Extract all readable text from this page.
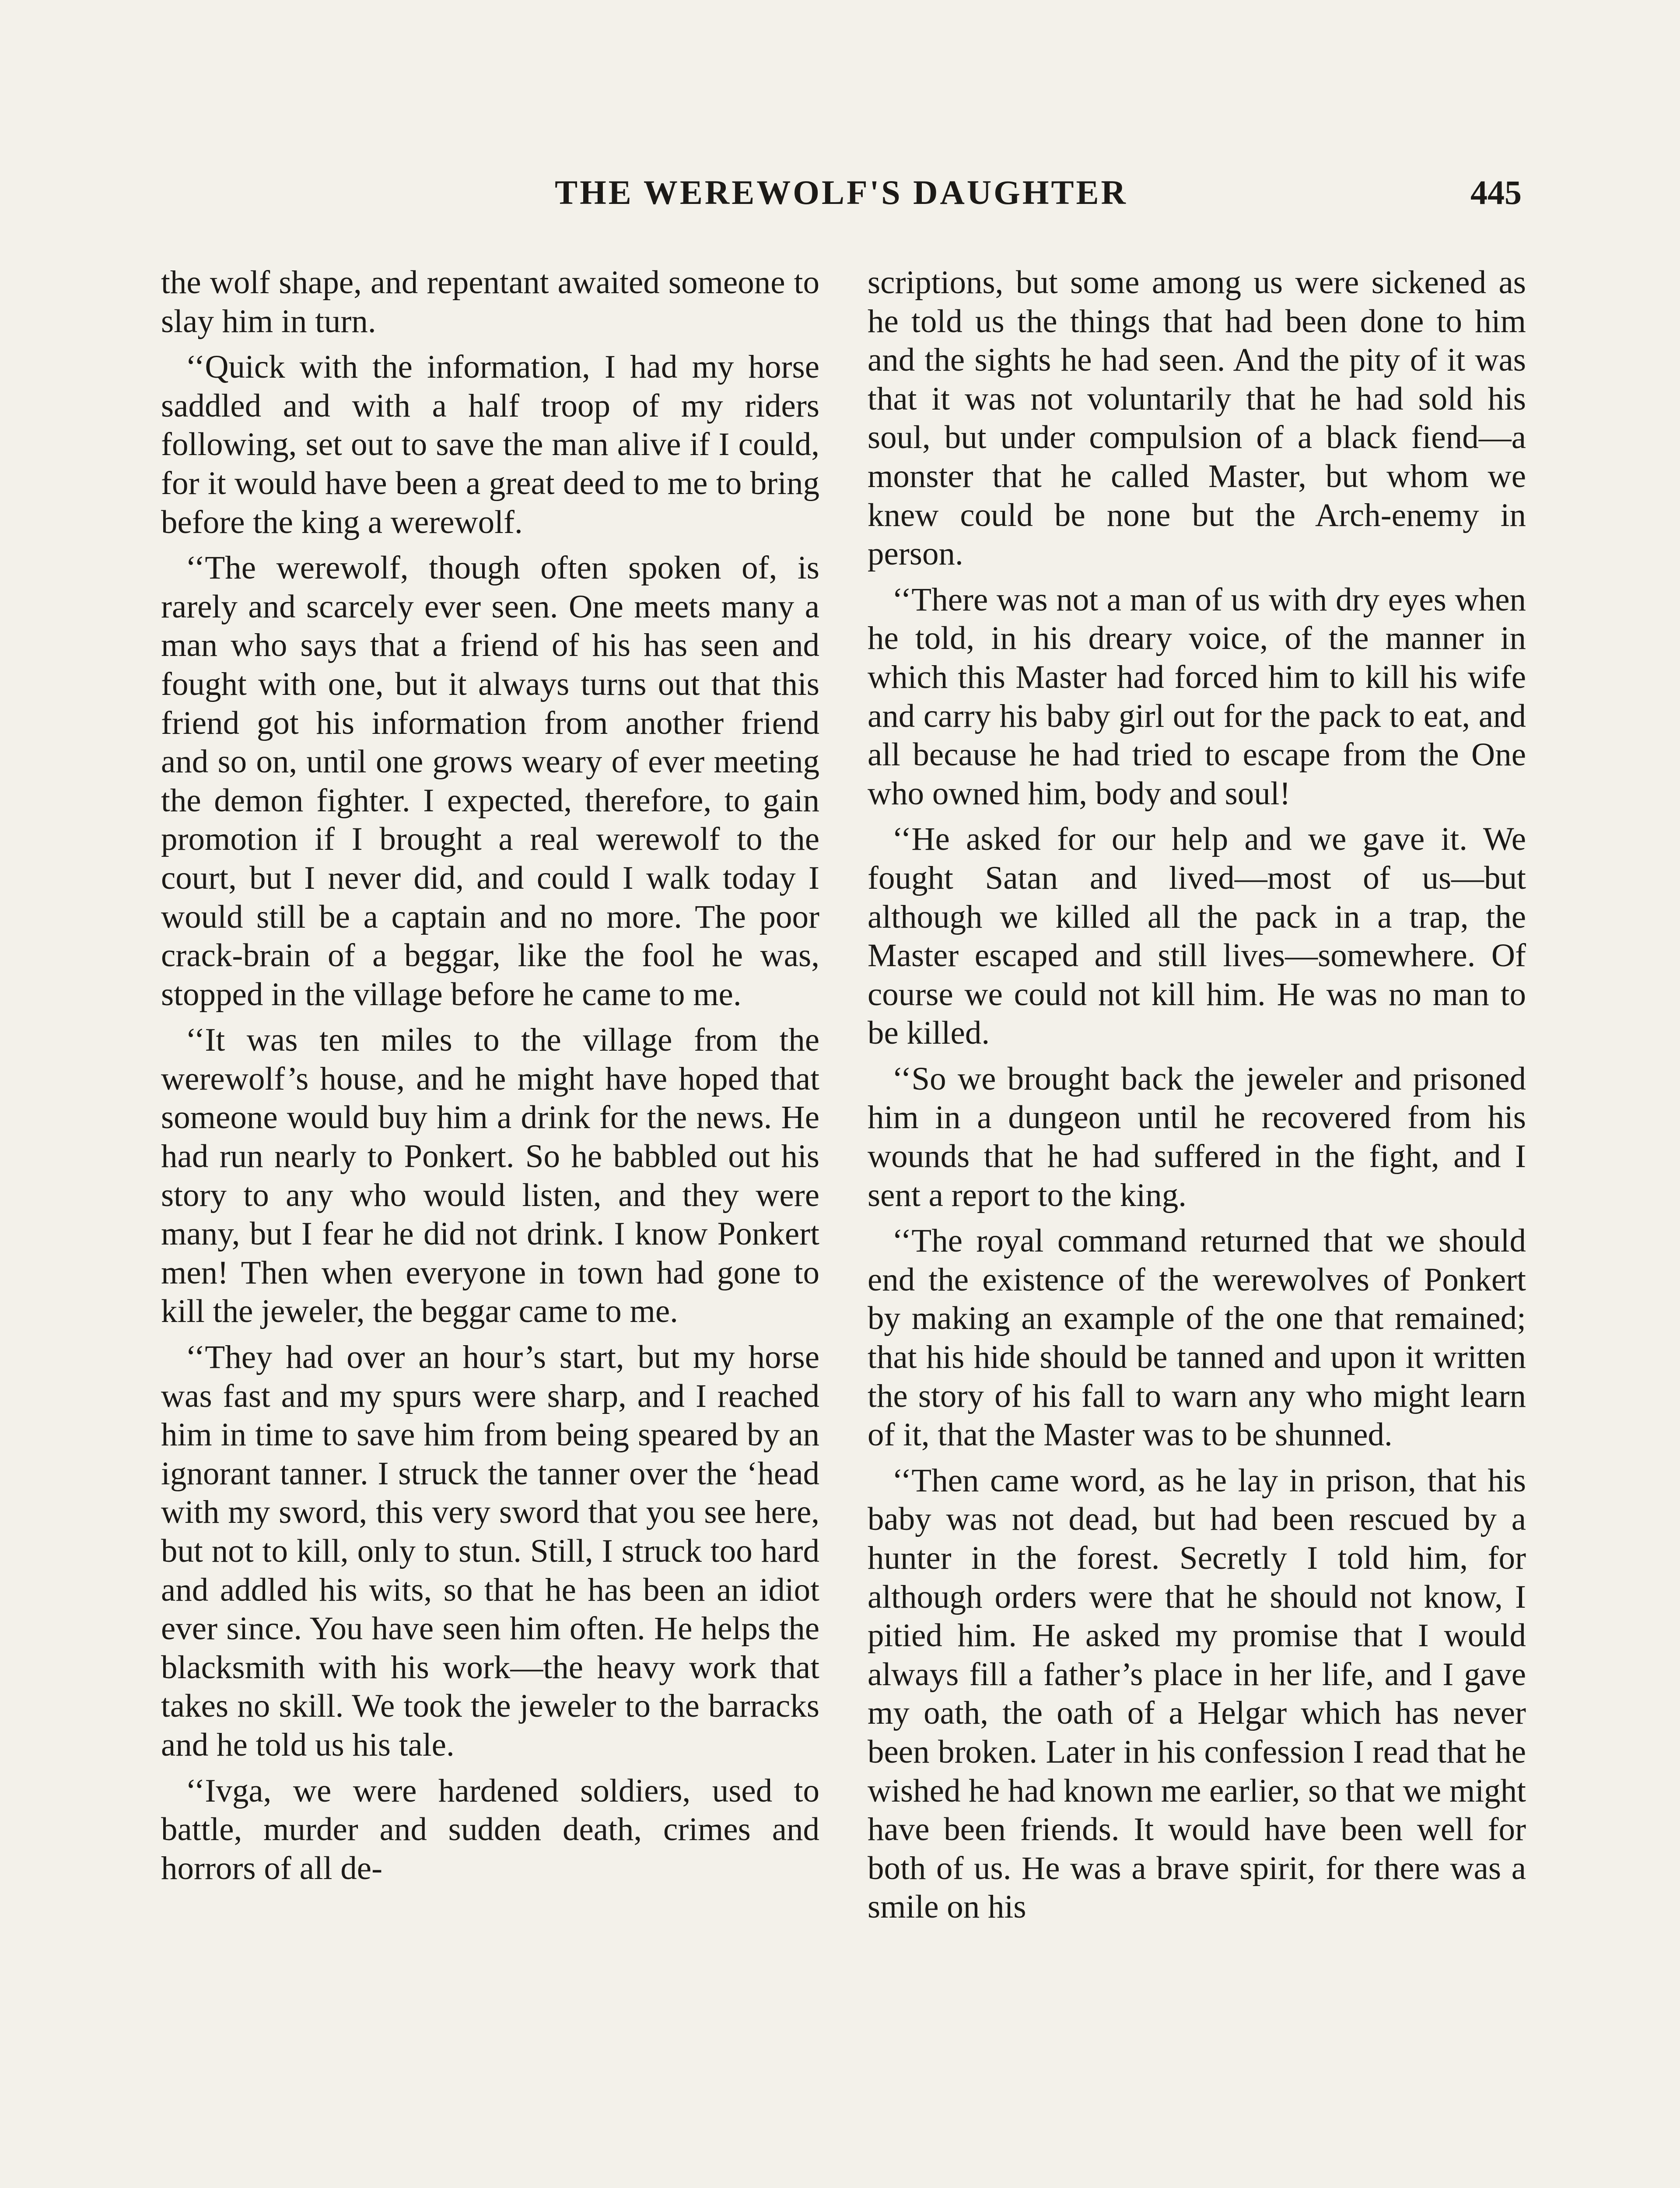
THE WEREWOLF'S DAUGHTER	445

the wolf shape, and repentant awaited someone to slay him in turn.

‘‘Quick with the information, I had my horse saddled and with a half troop of my riders following, set out to save the man alive if I could, for it would have been a great deed to me to bring before the king a werewolf.

‘‘The werewolf, though often spoken of, is rarely and scarcely ever seen. One meets many a man who says that a friend of his has seen and fought with one, but it always turns out that this friend got his information from another friend and so on, until one grows weary of ever meeting the demon fighter. I expected, therefore, to gain promotion if I brought a real werewolf to the court, but I never did, and could I walk today I would still be a captain and no more. The poor crack-brain of a beggar, like the fool he was, stopped in the village before he came to me.

‘‘It was ten miles to the village from the werewolf’s house, and he might have hoped that someone would buy him a drink for the news. He had run nearly to Ponkert. So he babbled out his story to any who would listen, and they were many, but I fear he did not drink. I know Ponkert men! Then when everyone in town had gone to kill the jeweler, the beggar came to me.

‘‘They had over an hour’s start, but my horse was fast and my spurs were sharp, and I reached him in time to save him from being speared by an ignorant tanner. I struck the tanner over the ‘head with my sword, this very sword that you see here, but not to kill, only to stun. Still, I struck too hard and addled his wits, so that he has been an idiot ever since. You have seen him often. He helps the blacksmith with his work—the heavy work that takes no skill. We took the jeweler to the barracks and he told us his tale.

‘‘Ivga, we were hardened soldiers, used to battle, murder and sudden death, crimes and horrors of all de-

scriptions, but some among us were sickened as he told us the things that had been done to him and the sights he had seen. And the pity of it was that it was not voluntarily that he had sold his soul, but under compulsion of a black fiend—a monster that he called Master, but whom we knew could be none but the Arch-enemy in person.

‘‘There was not a man of us with dry eyes when he told, in his dreary voice, of the manner in which this Master had forced him to kill his wife and carry his baby girl out for the pack to eat, and all because he had tried to escape from the One who owned him, body and soul!

‘‘He asked for our help and we gave it. We fought Satan and lived—most of us—but although we killed all the pack in a trap, the Master escaped and still lives—somewhere. Of course we could not kill him. He was no man to be killed.

‘‘So we brought back the jeweler and prisoned him in a dungeon until he recovered from his wounds that he had suffered in the fight, and I sent a report to the king.

‘‘The royal command returned that we should end the existence of the werewolves of Ponkert by making an example of the one that remained; that his hide should be tanned and upon it written the story of his fall to warn any who might learn of it, that the Master was to be shunned.

‘‘Then came word, as he lay in prison, that his baby was not dead, but had been rescued by a hunter in the forest. Secretly I told him, for although orders were that he should not know, I pitied him. He asked my promise that I would always fill a father’s place in her life, and I gave my oath, the oath of a Helgar which has never been broken. Later in his confession I read that he wished he had known me earlier, so that we might have been friends. It would have been well for both of us. He was a brave spirit, for there was a smile on his
